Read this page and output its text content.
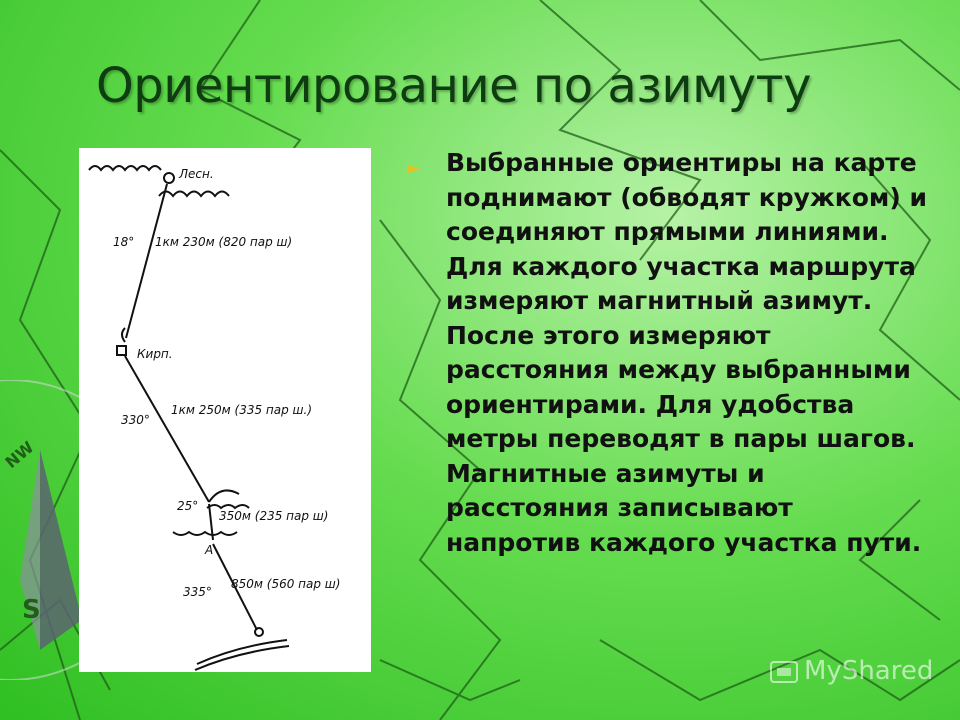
NW
S
Ориентирование по азимуту
Лесн.
18° 1км 230м (820 пар ш)
Кирп.
330°
1км 250м (335 пар ш.)
25°
350м (235 пар ш)
А
335°
850м (560 пар ш)
► Выбранные ориентиры на карте поднимают (обводят кружком) и соединяют прямыми линиями. Для каждого участка маршрута измеряют магнитный азимут. После этого измеряют расстояния между выбранными ориентирами. Для удобства метры переводят в пары шагов. Магнитные азимуты и расстояния записывают напротив каждого участка пути.
MyShared
